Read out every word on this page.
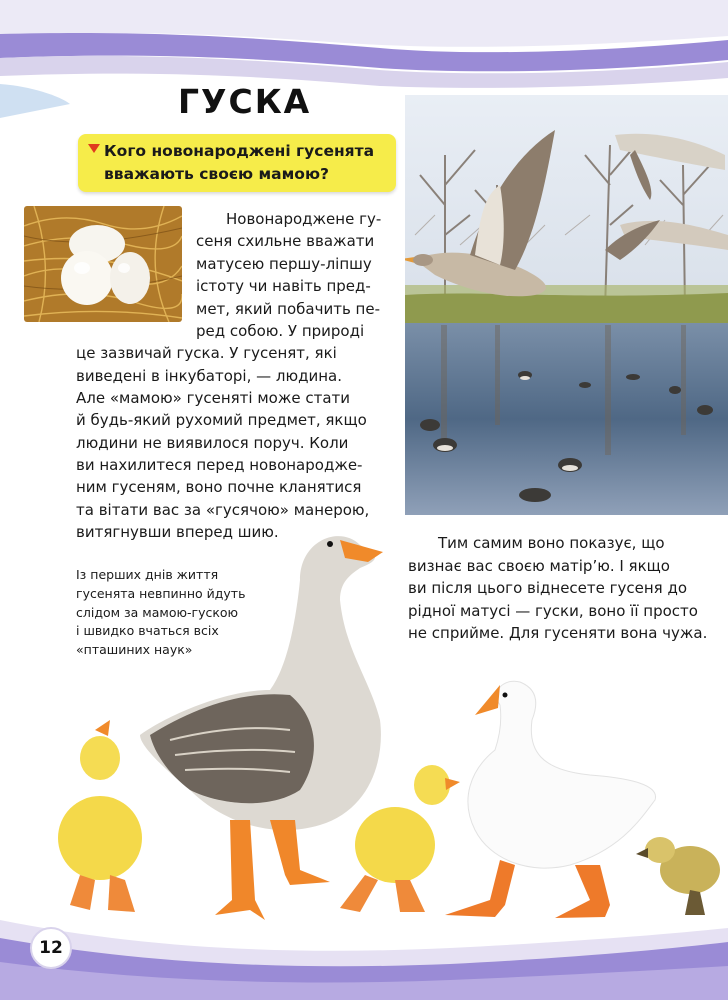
ГУСКА
Кого новонароджені гусенята
вважають своєю мамою?
Новонароджене гу-
сеня схильне вважати
матусею першу-ліпшу
істоту чи навіть пред-
мет, який побачить пе-
ред собою. У природі
це зазвичай гуска. У гусенят, які
виведені в інкубаторі, — людина.
Але «мамою» гусеняті може стати
й будь-який рухомий предмет, якщо
людини не виявилося поруч. Коли
ви нахилитеся перед новонароджe-
ним гусеням, воно почне кланятися
та вітати вас за «гусячою» манерою,
витягнувши вперед шию.
Із перших днів життя
гусенята невпинно йдуть
слідом за мамою-гускою
і швидко вчаться всіх
«пташиних наук»
Тим самим воно показує, що
визнає вас своєю матір’ю. І якщо
ви після цього віднесете гусеня до
рідної матусі — гуски, воно її просто
не сприйме. Для гусеняти вона чужа.
12
